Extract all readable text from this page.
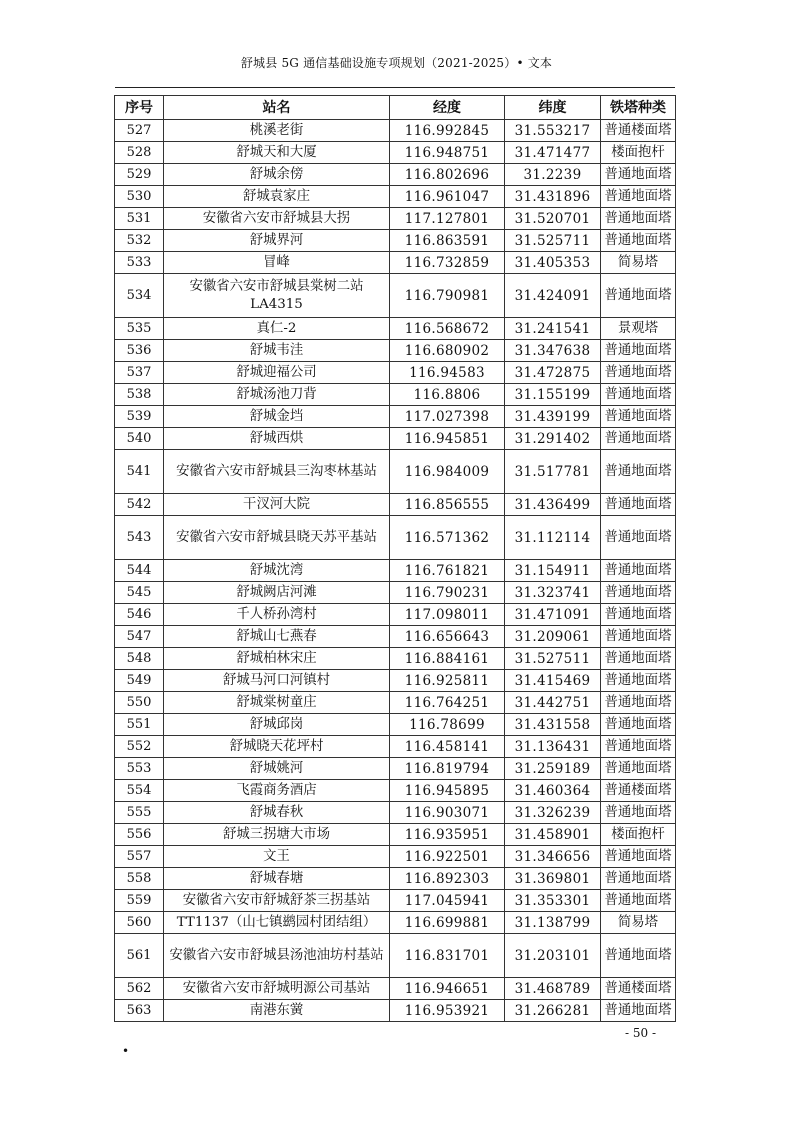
舒城县 5G 通信基础设施专项规划（2021-2025）• 文本
序号	站名	经度	纬度	铁塔种类
527	桃溪老街	116.992845	31.553217	普通楼面塔
528	舒城天和大厦	116.948751	31.471477	楼面抱杆
529	舒城余傍	116.802696	31.2239	普通地面塔
530	舒城袁家庄	116.961047	31.431896	普通地面塔
531	安徽省六安市舒城县大拐	117.127801	31.520701	普通地面塔
532	舒城界河	116.863591	31.525711	普通地面塔
533	冒峰	116.732859	31.405353	简易塔
534	安徽省六安市舒城县棠树二站LA4315	116.790981	31.424091	普通地面塔
535	真仁-2	116.568672	31.241541	景观塔
536	舒城韦洼	116.680902	31.347638	普通地面塔
537	舒城迎福公司	116.94583	31.472875	普通地面塔
538	舒城汤池刀背	116.8806	31.155199	普通地面塔
539	舒城金垱	117.027398	31.439199	普通地面塔
540	舒城西烘	116.945851	31.291402	普通地面塔
541	安徽省六安市舒城县三沟枣林基站	116.984009	31.517781	普通地面塔
542	干汊河大院	116.856555	31.436499	普通地面塔
543	安徽省六安市舒城县晓天苏平基站	116.571362	31.112114	普通地面塔
544	舒城沈湾	116.761821	31.154911	普通地面塔
545	舒城阙店河滩	116.790231	31.323741	普通地面塔
546	千人桥孙湾村	117.098011	31.471091	普通地面塔
547	舒城山七燕春	116.656643	31.209061	普通地面塔
548	舒城柏林宋庄	116.884161	31.527511	普通地面塔
549	舒城马河口河镇村	116.925811	31.415469	普通地面塔
550	舒城棠树童庄	116.764251	31.442751	普通地面塔
551	舒城邱岗	116.78699	31.431558	普通地面塔
552	舒城晓天花坪村	116.458141	31.136431	普通地面塔
553	舒城姚河	116.819794	31.259189	普通地面塔
554	飞霞商务酒店	116.945895	31.460364	普通楼面塔
555	舒城春秋	116.903071	31.326239	普通地面塔
556	舒城三拐塘大市场	116.935951	31.458901	楼面抱杆
557	文王	116.922501	31.346656	普通地面塔
558	舒城春塘	116.892303	31.369801	普通地面塔
559	安徽省六安市舒城舒茶三拐基站	117.045941	31.353301	普通地面塔
560	TT1137（山七镇鹚园村团结组）	116.699881	31.138799	简易塔
561	安徽省六安市舒城县汤池油坊村基站	116.831701	31.203101	普通地面塔
562	安徽省六安市舒城明源公司基站	116.946651	31.468789	普通楼面塔
563	南港东黉	116.953921	31.266281	普通地面塔
- 50 -
•
